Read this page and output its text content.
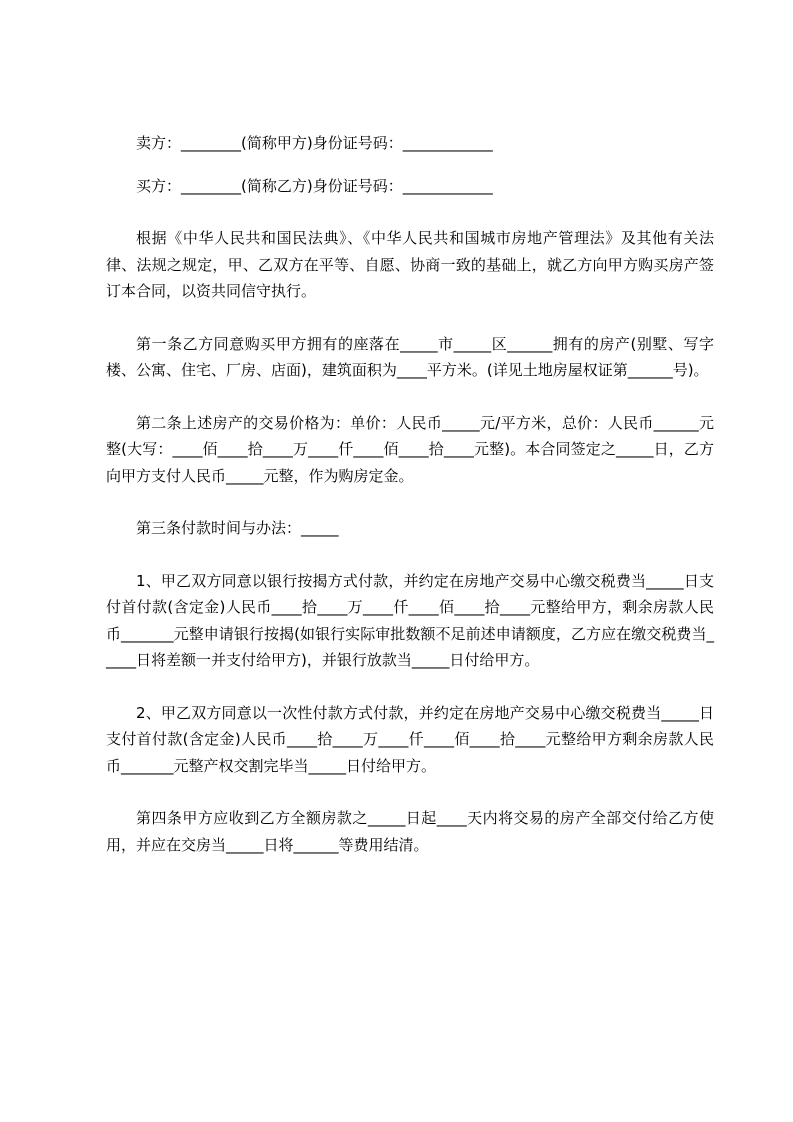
卖方：________(简称甲方)身份证号码：____________

买方：________(简称乙方)身份证号码：____________

根据《中华人民共和国民法典》、《中华人民共和国城市房地产管理法》及其他有关法律、法规之规定，甲、乙双方在平等、自愿、协商一致的基础上，就乙方向甲方购买房产签订本合同，以资共同信守执行。

第一条乙方同意购买甲方拥有的座落在_____市_____区______拥有的房产(别墅、写字楼、公寓、住宅、厂房、店面)，建筑面积为____平方米。(详见土地房屋权证第______号)。

第二条上述房产的交易价格为：单价：人民币_____元/平方米，总价：人民币______元整(大写：____佰____拾____万____仟____佰____拾____元整)。本合同签定之_____日，乙方向甲方支付人民币_____元整，作为购房定金。

第三条付款时间与办法：_____

1、甲乙双方同意以银行按揭方式付款，并约定在房地产交易中心缴交税费当_____日支付首付款(含定金)人民币____拾____万____仟____佰____拾____元整给甲方，剩余房款人民币_______元整申请银行按揭(如银行实际审批数额不足前述申请额度，乙方应在缴交税费当_____日将差额一并支付给甲方)，并银行放款当_____日付给甲方。

2、甲乙双方同意以一次性付款方式付款，并约定在房地产交易中心缴交税费当_____日支付首付款(含定金)人民币____拾____万____仟____佰____拾____元整给甲方剩余房款人民币_______元整产权交割完毕当_____日付给甲方。

第四条甲方应收到乙方全额房款之_____日起____天内将交易的房产全部交付给乙方使用，并应在交房当_____日将______等费用结清。
